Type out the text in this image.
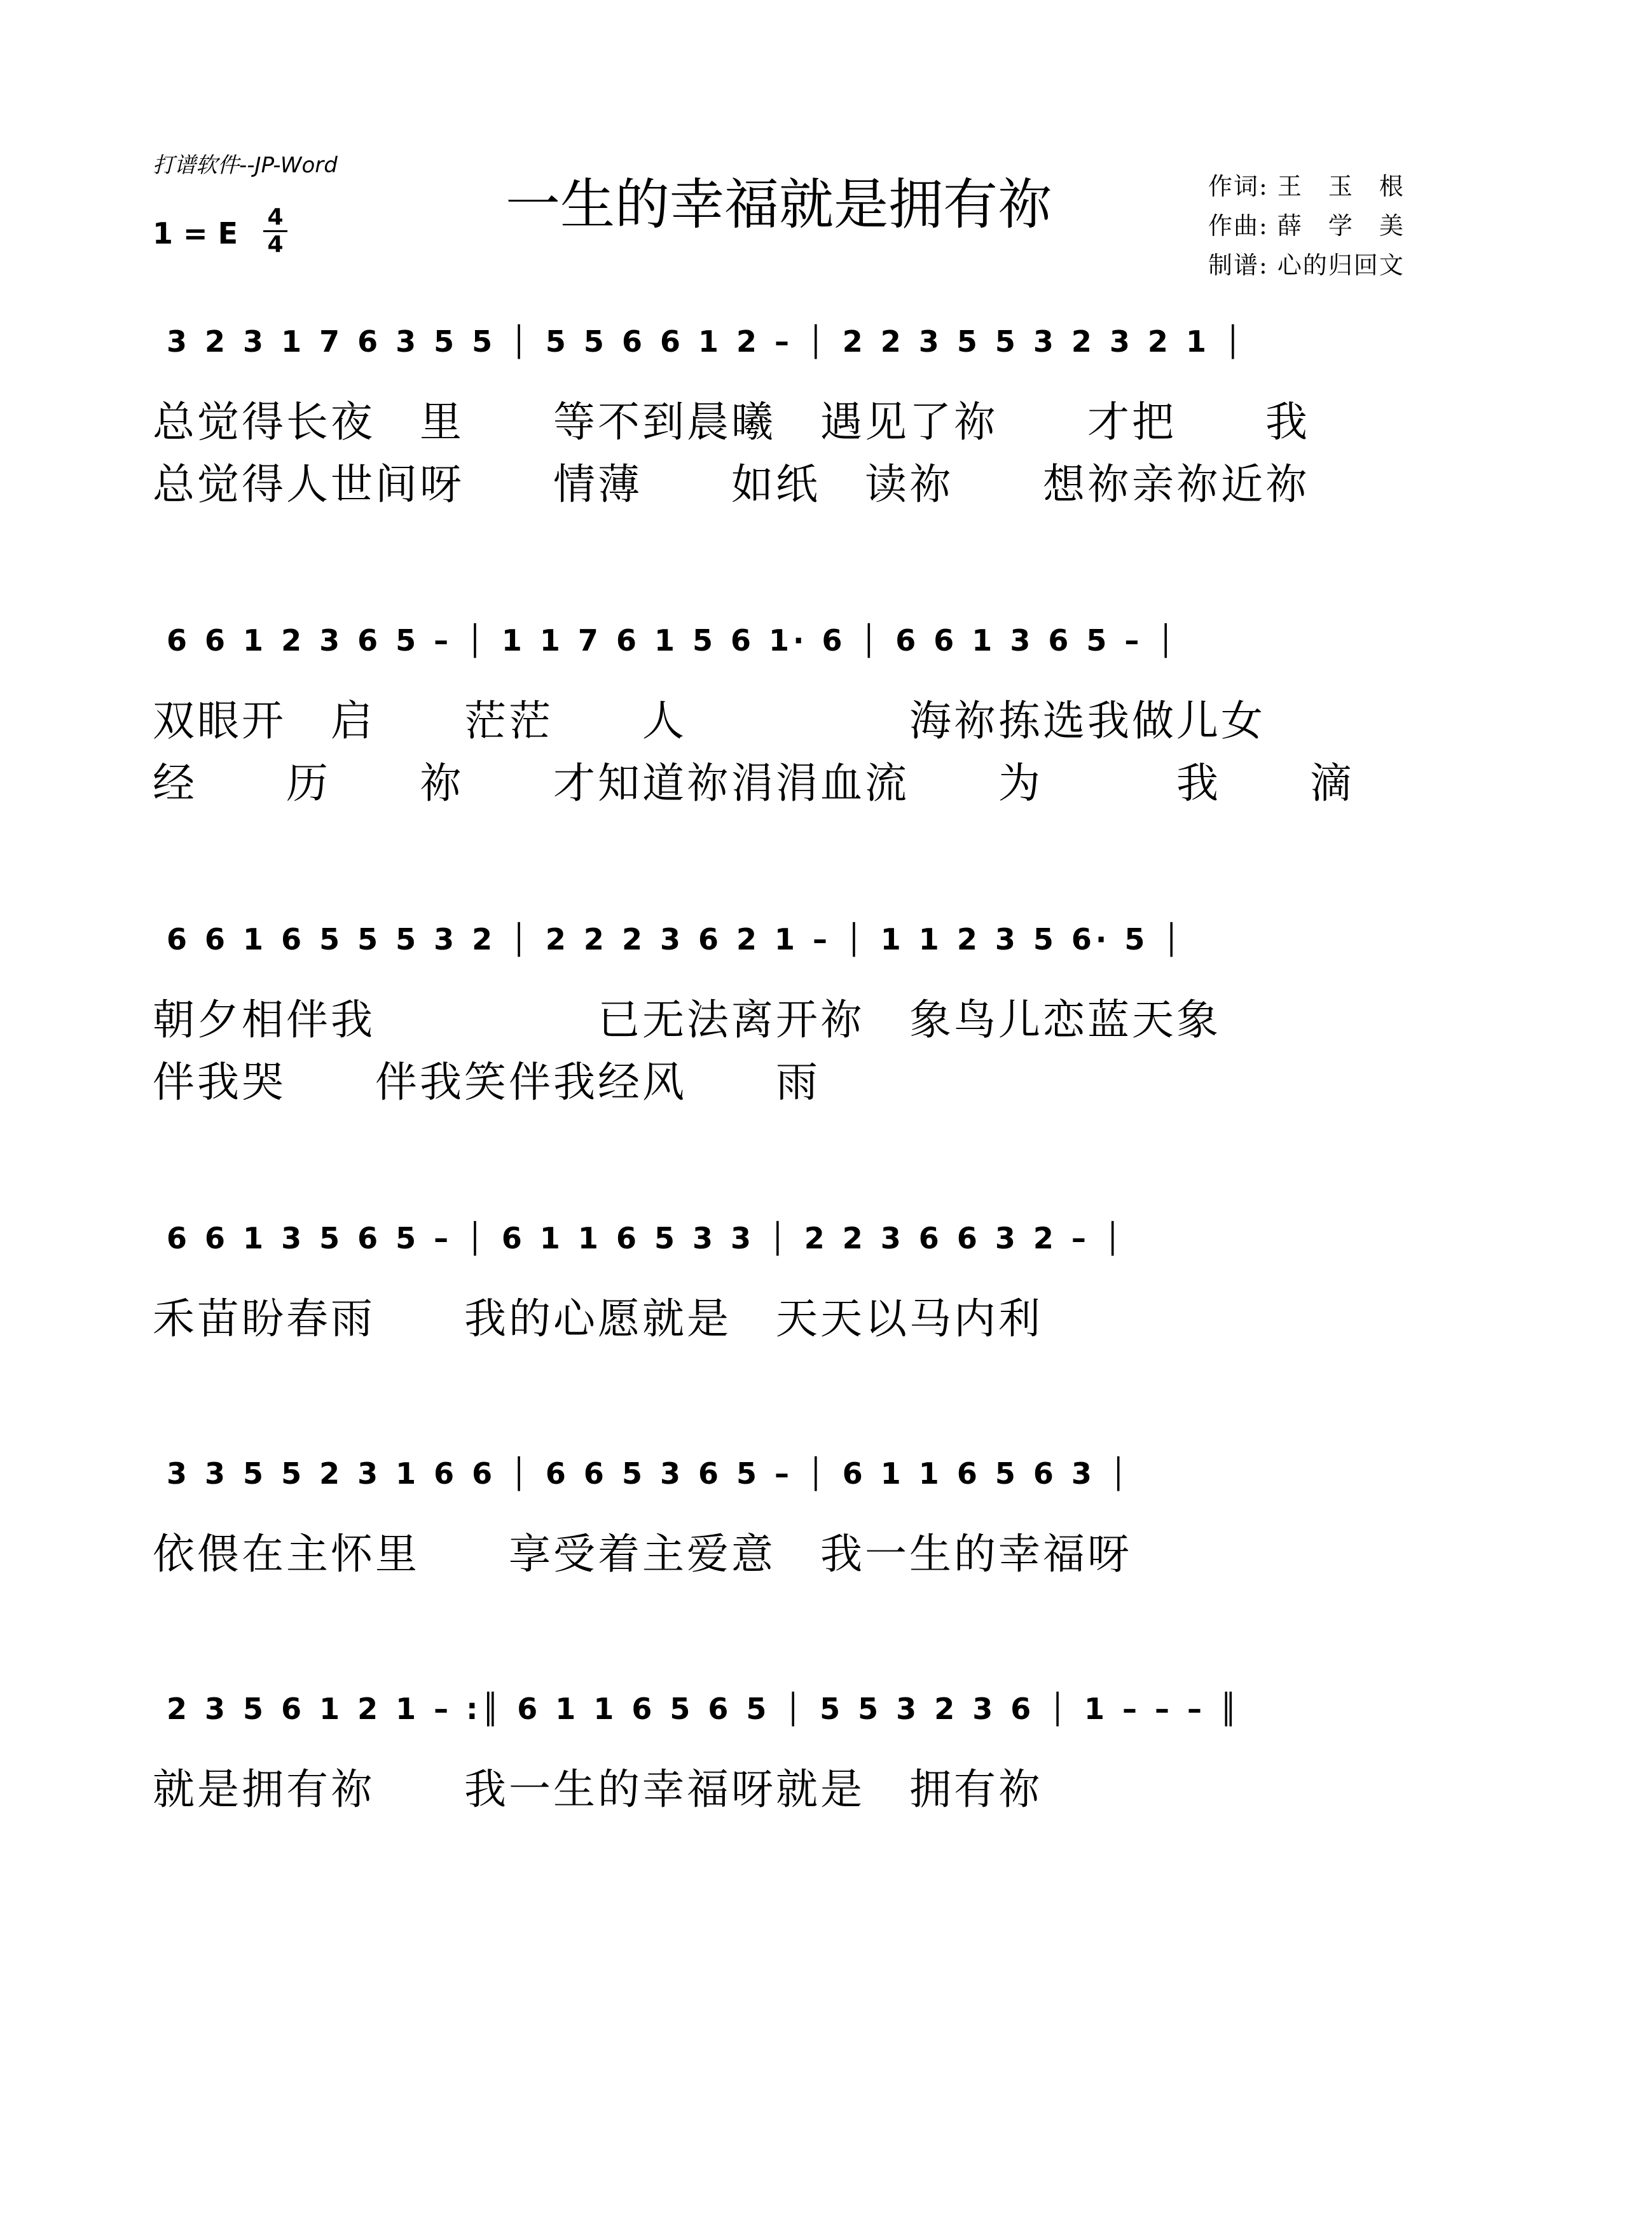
打谱软件--JP-Word
1 = E	4
4
一生的幸福就是拥有祢	作词: 王　玉　根
作曲: 薛　学　美
制谱: 心的归回文
3 2 3 1 7 6 3 5 5 │ 5 5 6 6 1 2 – │ 2 2 3 5 5 3 2 3 2 1 │
总觉得长夜　里　　等不到晨曦　遇见了祢　　才把　　我
总觉得人世间呀　　情薄　　如纸　读祢　　想祢亲祢近祢
6 6 1 2 3 6 5 – │ 1 1 7 6 1 5 6 1· 6 │ 6 6 1 3 6 5 – │
双眼开　启　　茫茫　　人　　　　　海祢拣选我做儿女
经　　历　　祢　　才知道祢涓涓血流　　为　　　我　　滴
6 6 1 6 5 5 5 3 2 │ 2 2 2 3 6 2 1 – │ 1 1 2 3 5 6· 5 │
朝夕相伴我　　　　　已无法离开祢　象鸟儿恋蓝天象
伴我哭　　伴我笑伴我经风　　雨
6 6 1 3 5 6 5 – │ 6 1 1 6 5 3 3 │ 2 2 3 6 6 3 2 – │
禾苗盼春雨　　我的心愿就是　天天以马内利
3 3 5 5 2 3 1 6 6 │ 6 6 5 3 6 5 – │ 6 1 1 6 5 6 3 │
依偎在主怀里　　享受着主爱意　我一生的幸福呀
2 3 5 6 1 2 1 – :║ 6 1 1 6 5 6 5 │ 5 5 3 2 3 6 │ 1 – – – ║
就是拥有祢　　我一生的幸福呀就是　拥有祢
